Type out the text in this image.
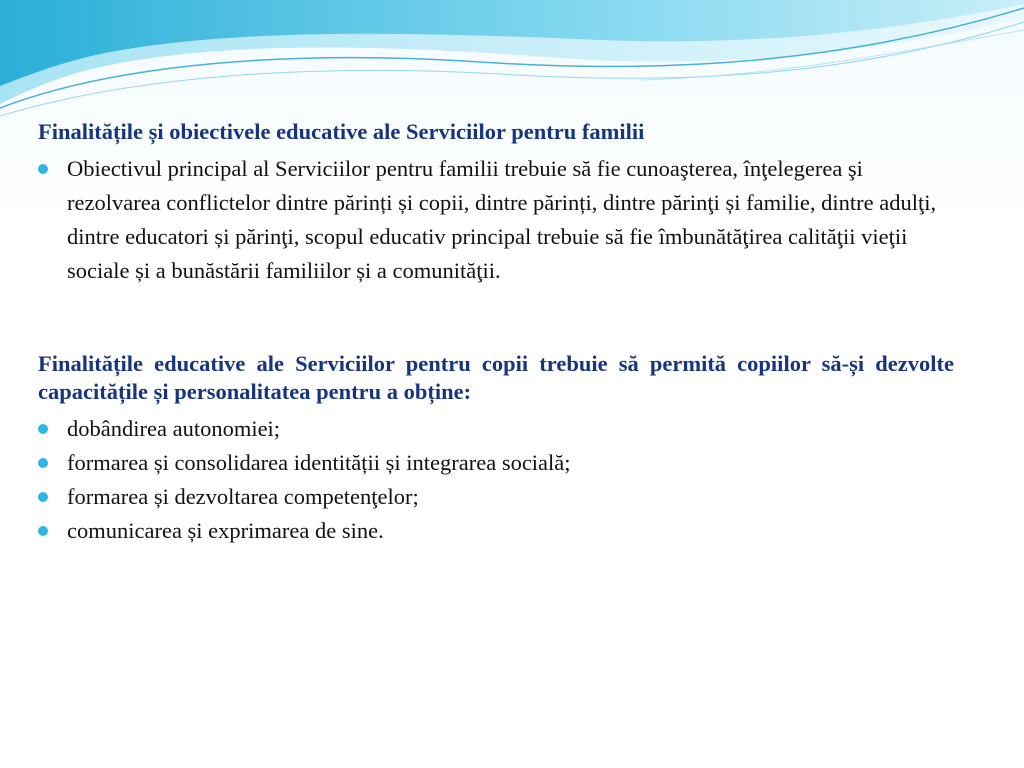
Finalitățile și obiectivele educative ale Serviciilor pentru familii

Obiectivul principal al Serviciilor pentru familii trebuie să fie cunoaşterea, înţelegerea şi rezolvarea conflictelor dintre părinți și copii, dintre părinți, dintre părinţi și familie, dintre adulţi, dintre educatori și părinţi, scopul educativ principal trebuie să fie îmbunătăţirea calităţii vieţii sociale și a bunăstării familiilor și a comunităţii.

Finalitățile educative ale Serviciilor pentru copii trebuie să permită copiilor să-și dezvolte capacitățile și personalitatea pentru a obține:

dobândirea autonomiei;
formarea și consolidarea identității și integrarea socială;
formarea și dezvoltarea competenţelor;
comunicarea și exprimarea de sine.
